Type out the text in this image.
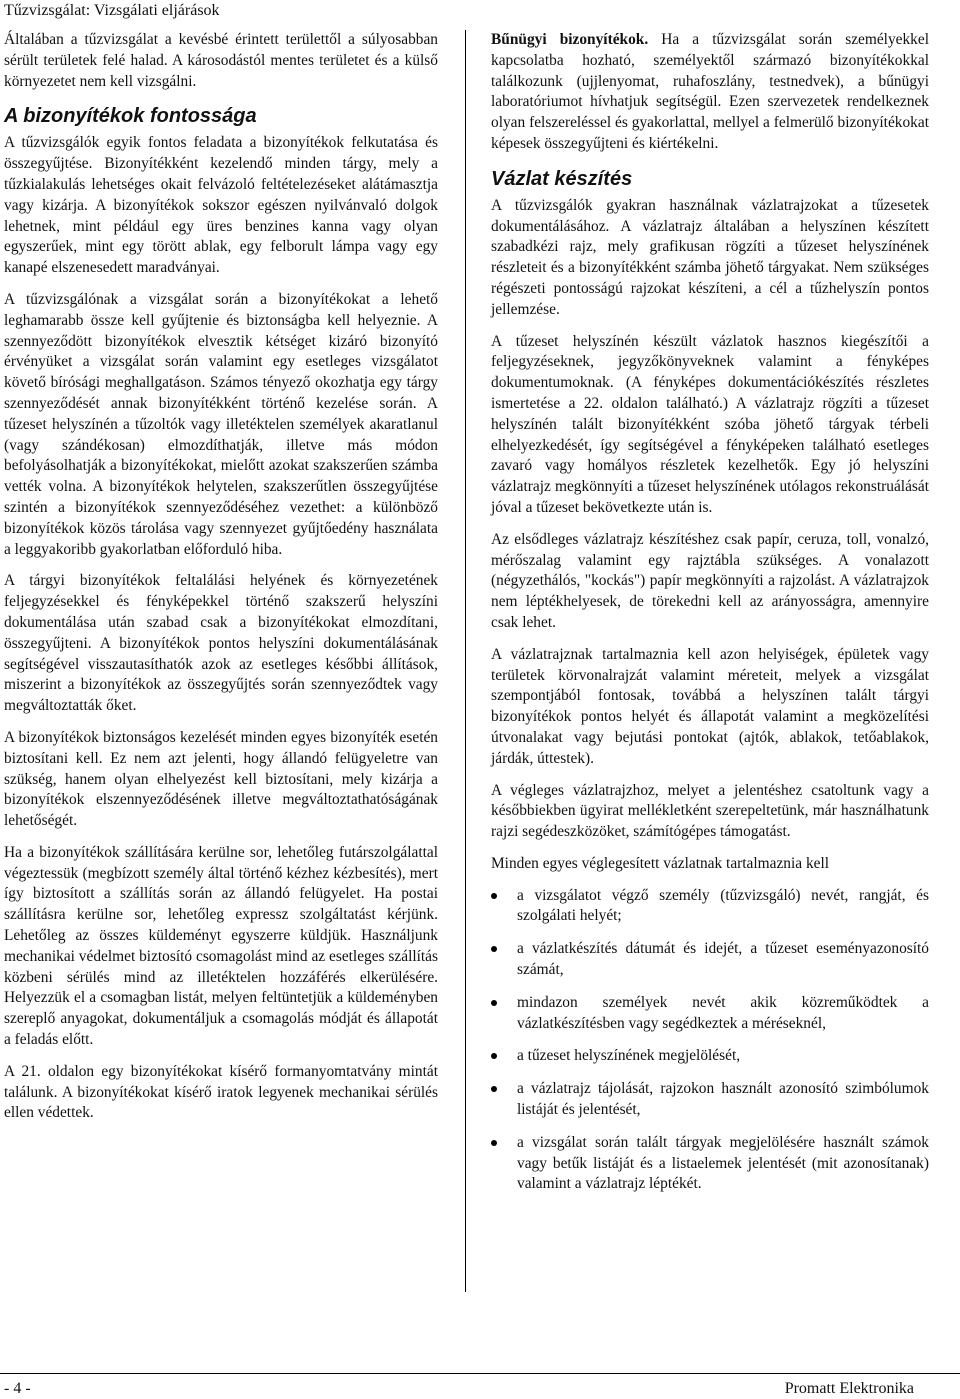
Tűzvizsgálat: Vizsgálati eljárások

Általában a tűzvizsgálat a kevésbé érintett területtől a súlyosabban sérült területek felé halad. A károsodástól mentes területet és a külső környezetet nem kell vizsgálni.

A bizonyítékok fontossága

A tűzvizsgálók egyik fontos feladata a bizonyítékok felkutatása és összegyűjtése. Bizonyítékként kezelendő minden tárgy, mely a tűzkialakulás lehetséges okait felvázoló feltételezéseket alátámasztja vagy kizárja. A bizonyítékok sokszor egészen nyilvánvaló dolgok lehetnek, mint például egy üres benzines kanna vagy olyan egyszerűek, mint egy törött ablak, egy felborult lámpa vagy egy kanapé elszenesedett maradványai.

A tűzvizsgálónak a vizsgálat során a bizonyítékokat a lehető leghamarabb össze kell gyűjtenie és biztonságba kell helyeznie. A szennyeződött bizonyítékok elvesztik kétséget kizáró bizonyító érvényüket a vizsgálat során valamint egy esetleges vizsgálatot követő bírósági meghallgatáson. Számos tényező okozhatja egy tárgy szennyeződését annak bizonyítékként történő kezelése során. A tűzeset helyszínén a tűzoltók vagy illetéktelen személyek akaratlanul (vagy szándékosan) elmozdíthatják, illetve más módon befolyásolhatják a bizonyítékokat, mielőtt azokat szakszerűen számba vették volna. A bizonyítékok helytelen, szakszerűtlen összegyűjtése szintén a bizonyítékok szennyeződéséhez vezethet: a különböző bizonyítékok közös tárolása vagy szennyezet gyűjtőedény használata a leggyakoribb gyakorlatban előforduló hiba.

A tárgyi bizonyítékok feltalálási helyének és környezetének feljegyzésekkel és fényképekkel történő szakszerű helyszíni dokumentálása után szabad csak a bizonyítékokat elmozdítani, összegyűjteni. A bizonyítékok pontos helyszíni dokumentálásának segítségével visszautasíthatók azok az esetleges későbbi állítások, miszerint a bizonyítékok az összegyűjtés során szennyeződtek vagy megváltoztatták őket.

A bizonyítékok biztonságos kezelését minden egyes bizonyíték esetén biztosítani kell. Ez nem azt jelenti, hogy állandó felügyeletre van szükség, hanem olyan elhelyezést kell biztosítani, mely kizárja a bizonyítékok elszennyeződésének illetve megváltoztathatóságának lehetőségét.

Ha a bizonyítékok szállítására kerülne sor, lehetőleg futárszolgálattal végeztessük (megbízott személy által történő kézhez kézbesítés), mert így biztosított a szállítás során az állandó felügyelet. Ha postai szállításra kerülne sor, lehetőleg expressz szolgáltatást kérjünk. Lehetőleg az összes küldeményt egyszerre küldjük. Használjunk mechanikai védelmet biztosító csomagolást mind az esetleges szállítás közbeni sérülés mind az illetéktelen hozzáférés elkerülésére. Helyezzük el a csomagban listát, melyen feltüntetjük a küldeményben szereplő anyagokat, dokumentáljuk a csomagolás módját és állapotát a feladás előtt.

A 21. oldalon egy bizonyítékokat kísérő formanyomtatvány mintát találunk. A bizonyítékokat kísérő iratok legyenek mechanikai sérülés ellen védettek.

Bűnügyi bizonyítékok. Ha a tűzvizsgálat során személyekkel kapcsolatba hozható, személyektől származó bizonyítékokkal találkozunk (ujjlenyomat, ruhafoszlány, testnedvek), a bűnügyi laboratóriumot hívhatjuk segítségül. Ezen szervezetek rendelkeznek olyan felszereléssel és gyakorlattal, mellyel a felmerülő bizonyítékokat képesek összegyűjteni és kiértékelni.

Vázlat készítés

A tűzvizsgálók gyakran használnak vázlatrajzokat a tűzesetek dokumentálásához. A vázlatrajz általában a helyszínen készített szabadkézi rajz, mely grafikusan rögzíti a tűzeset helyszínének részleteit és a bizonyítékként számba jöhető tárgyakat. Nem szükséges régészeti pontosságú rajzokat készíteni, a cél a tűzhelyszín pontos jellemzése.

A tűzeset helyszínén készült vázlatok hasznos kiegészítői a feljegyzéseknek, jegyzőkönyveknek valamint a fényképes dokumentumoknak. (A fényképes dokumentációkészítés részletes ismertetése a 22. oldalon található.) A vázlatrajz rögzíti a tűzeset helyszínén talált bizonyítékként szóba jöhető tárgyak térbeli elhelyezkedését, így segítségével a fényképeken található esetleges zavaró vagy homályos részletek kezelhetők. Egy jó helyszíni vázlatrajz megkönnyíti a tűzeset helyszínének utólagos rekonstruálását jóval a tűzeset bekövetkezte után is.

Az elsődleges vázlatrajz készítéshez csak papír, ceruza, toll, vonalzó, mérőszalag valamint egy rajztábla szükséges. A vonalazott (négyzethálós, "kockás") papír megkönnyíti a rajzolást. A vázlatrajzok nem léptékhelyesek, de törekedni kell az arányosságra, amennyire csak lehet.

A vázlatrajznak tartalmaznia kell azon helyiségek, épületek vagy területek körvonalrajzát valamint méreteit, melyek a vizsgálat szempontjából fontosak, továbbá a helyszínen talált tárgyi bizonyítékok pontos helyét és állapotát valamint a megközelítési útvonalakat vagy bejutási pontokat (ajtók, ablakok, tetőablakok, járdák, úttestek).

A végleges vázlatrajzhoz, melyet a jelentéshez csatoltunk vagy a későbbiekben ügyirat mellékletként szerepeltetünk, már használhatunk rajzi segédeszközöket, számítógépes támogatást.

Minden egyes véglegesített vázlatnak tartalmaznia kell

a vizsgálatot végző személy (tűzvizsgáló) nevét, rangját, és szolgálati helyét;
a vázlatkészítés dátumát és idejét, a tűzeset eseményazonosító számát,
mindazon személyek nevét akik közreműködtek a vázlatkészítésben vagy segédkeztek a méréseknél,
a tűzeset helyszínének megjelölését,
a vázlatrajz tájolását, rajzokon használt azonosító szimbólumok listáját és jelentését,
a vizsgálat során talált tárgyak megjelölésére használt számok vagy betűk listáját és a listaelemek jelentését (mit azonosítanak) valamint a vázlatrajz léptékét.
- 4 -	Promatt Elektronika
